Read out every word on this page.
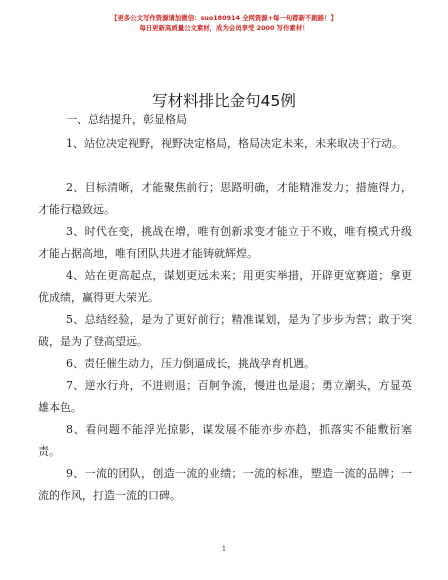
【更多公文写作资源请加微信：suo180914 全网资源+每一句都新不跑路！】
每日更新高质量公文素材，成为会员享受 2000 写作素材！
写材料排比金句45例
一、总结提升，彰显格局

1、站位决定视野，视野决定格局，格局决定未来，未来取决于行动。

2、目标清晰，才能聚焦前行；思路明确，才能精准发力；措施得力，才能行稳致远。

3、时代在变，挑战在增，唯有创新求变才能立于不败，唯有模式升级才能占据高地，唯有团队共进才能铸就辉煌。

4、站在更高起点，谋划更远未来；用更实举措，开辟更宽赛道；拿更优成绩，赢得更大荣光。

5、总结经验，是为了更好前行；精准谋划，是为了步步为营；敢于突破，是为了登高望远。

6、责任催生动力，压力倒逼成长，挑战孕育机遇。

7、逆水行舟，不进则退；百舸争流，慢进也是退；勇立潮头，方显英雄本色。

8、看问题不能浮光掠影，谋发展不能亦步亦趋，抓落实不能敷衍塞责。

9、一流的团队，创造一流的业绩；一流的标准，塑造一流的品牌；一流的作风，打造一流的口碑。

1
